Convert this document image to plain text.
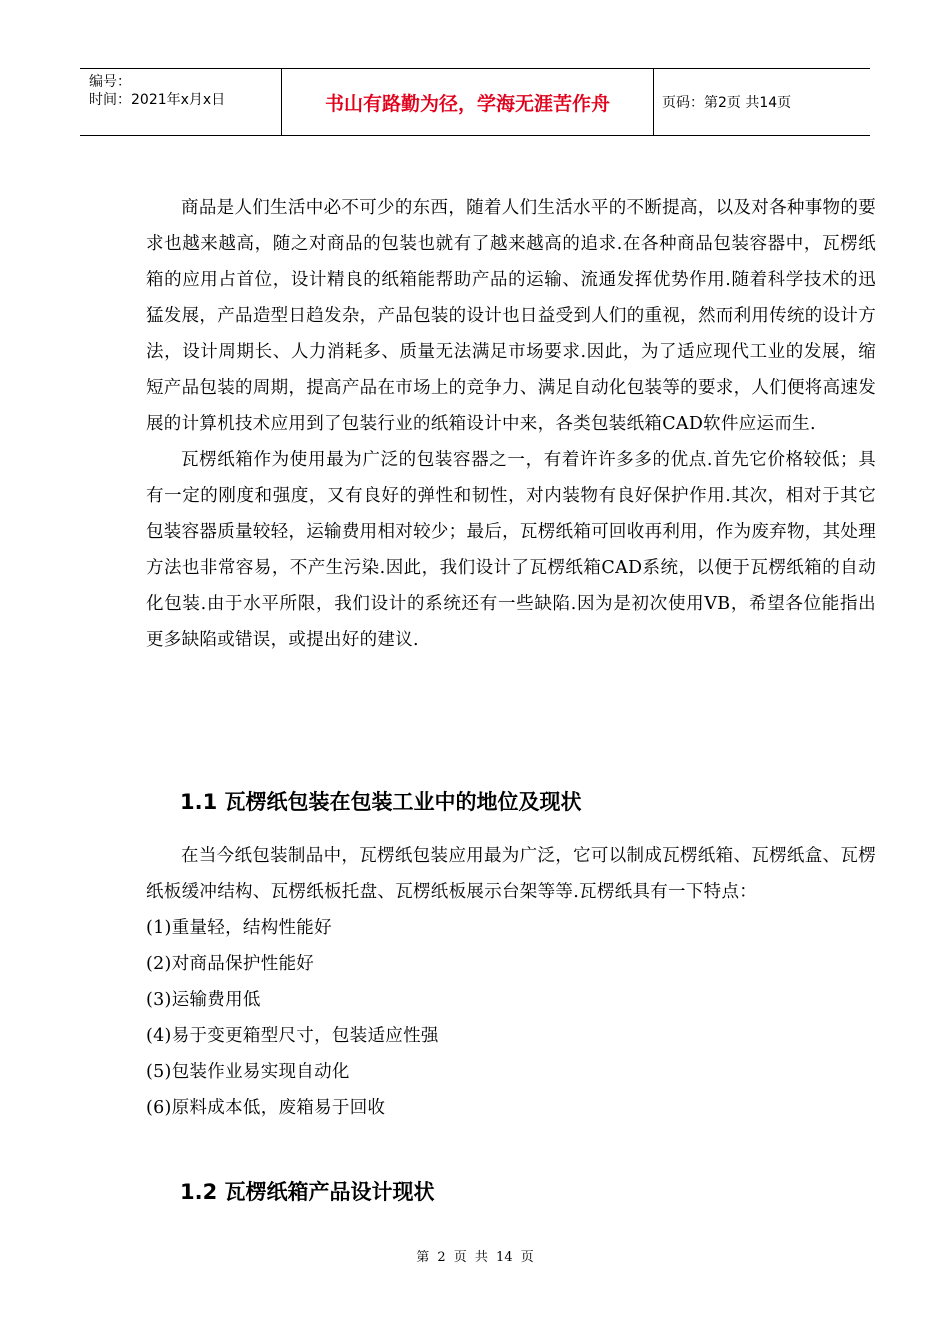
编号：
时间：2021年x月x日	书山有路勤为径，学海无涯苦作舟	页码：第2页 共14页

商品是人们生活中必不可少的东西，随着人们生活水平的不断提高，以及对各种事物的要求也越来越高，随之对商品的包装也就有了越来越高的追求.在各种商品包装容器中，瓦楞纸箱的应用占首位，设计精良的纸箱能帮助产品的运输、流通发挥优势作用.随着科学技术的迅猛发展，产品造型日趋发杂，产品包装的设计也日益受到人们的重视，然而利用传统的设计方法，设计周期长、人力消耗多、质量无法满足市场要求.因此，为了适应现代工业的发展，缩短产品包装的周期，提高产品在市场上的竞争力、满足自动化包装等的要求，人们便将高速发展的计算机技术应用到了包装行业的纸箱设计中来，各类包装纸箱CAD软件应运而生.

瓦楞纸箱作为使用最为广泛的包装容器之一，有着许许多多的优点.首先它价格较低；具有一定的刚度和强度，又有良好的弹性和韧性，对内装物有良好保护作用.其次，相对于其它包装容器质量较轻，运输费用相对较少；最后，瓦楞纸箱可回收再利用，作为废弃物，其处理方法也非常容易，不产生污染.因此，我们设计了瓦楞纸箱CAD系统，以便于瓦楞纸箱的自动化包装.由于水平所限，我们设计的系统还有一些缺陷.因为是初次使用VB，希望各位能指出更多缺陷或错误，或提出好的建议.

1.1 瓦楞纸包装在包装工业中的地位及现状

在当今纸包装制品中，瓦楞纸包装应用最为广泛，它可以制成瓦楞纸箱、瓦楞纸盒、瓦楞纸板缓冲结构、瓦楞纸板托盘、瓦楞纸板展示台架等等.瓦楞纸具有一下特点：

(1)重量轻，结构性能好

(2)对商品保护性能好

(3)运输费用低

(4)易于变更箱型尺寸，包装适应性强

(5)包装作业易实现自动化

(6)原料成本低，废箱易于回收

1.2 瓦楞纸箱产品设计现状
第 2 页 共 14 页
